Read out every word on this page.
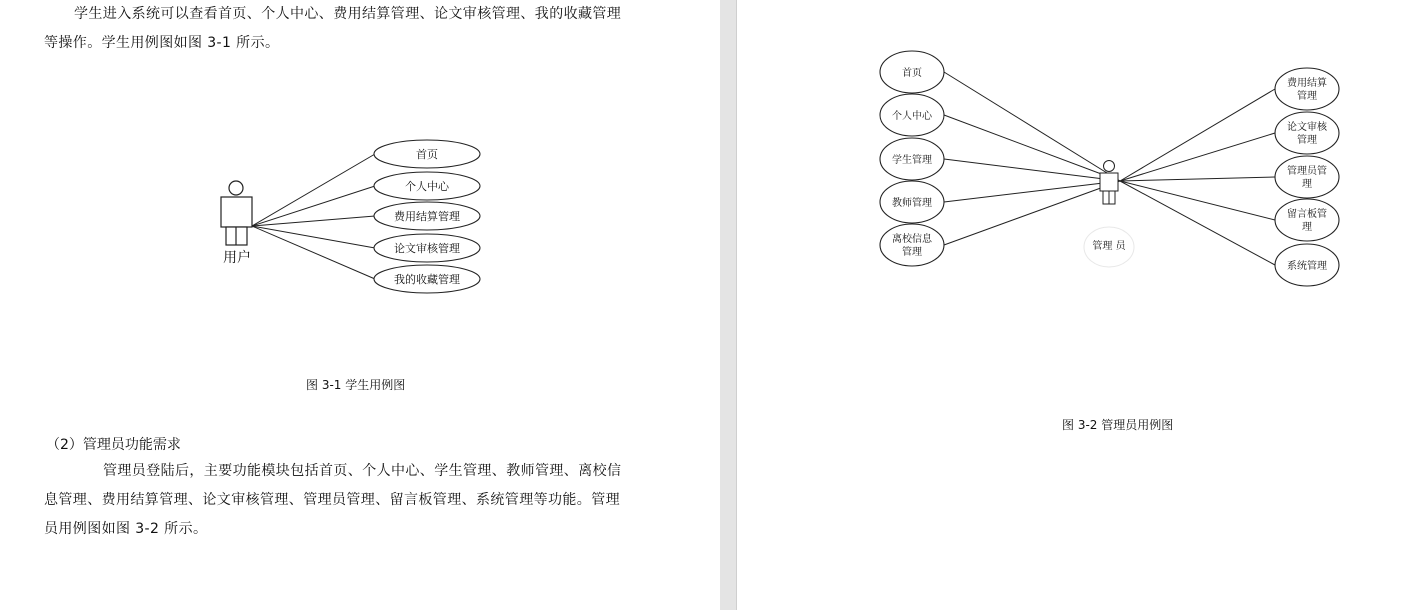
学生进入系统可以查看首页、个人中心、费用结算管理、论文审核管理、我的收藏管理
等操作。学生用例图如图 3-1 所示。
用户
首页
个人中心
费用结算管理
论文审核管理
我的收藏管理
图 3-1 学生用例图
（2）管理员功能需求
管理员登陆后，主要功能模块包括首页、个人中心、学生管理、教师管理、离校信
息管理、费用结算管理、论文审核管理、管理员管理、留言板管理、系统管理等功能。管理
员用例图如图 3-2 所示。
管理 员
首页
个人中心
学生管理
教师管理
离校信息
管理
费用结算
管理
论文审核
管理
管理员管
理
留言板管
理
系统管理
图 3-2 管理员用例图
